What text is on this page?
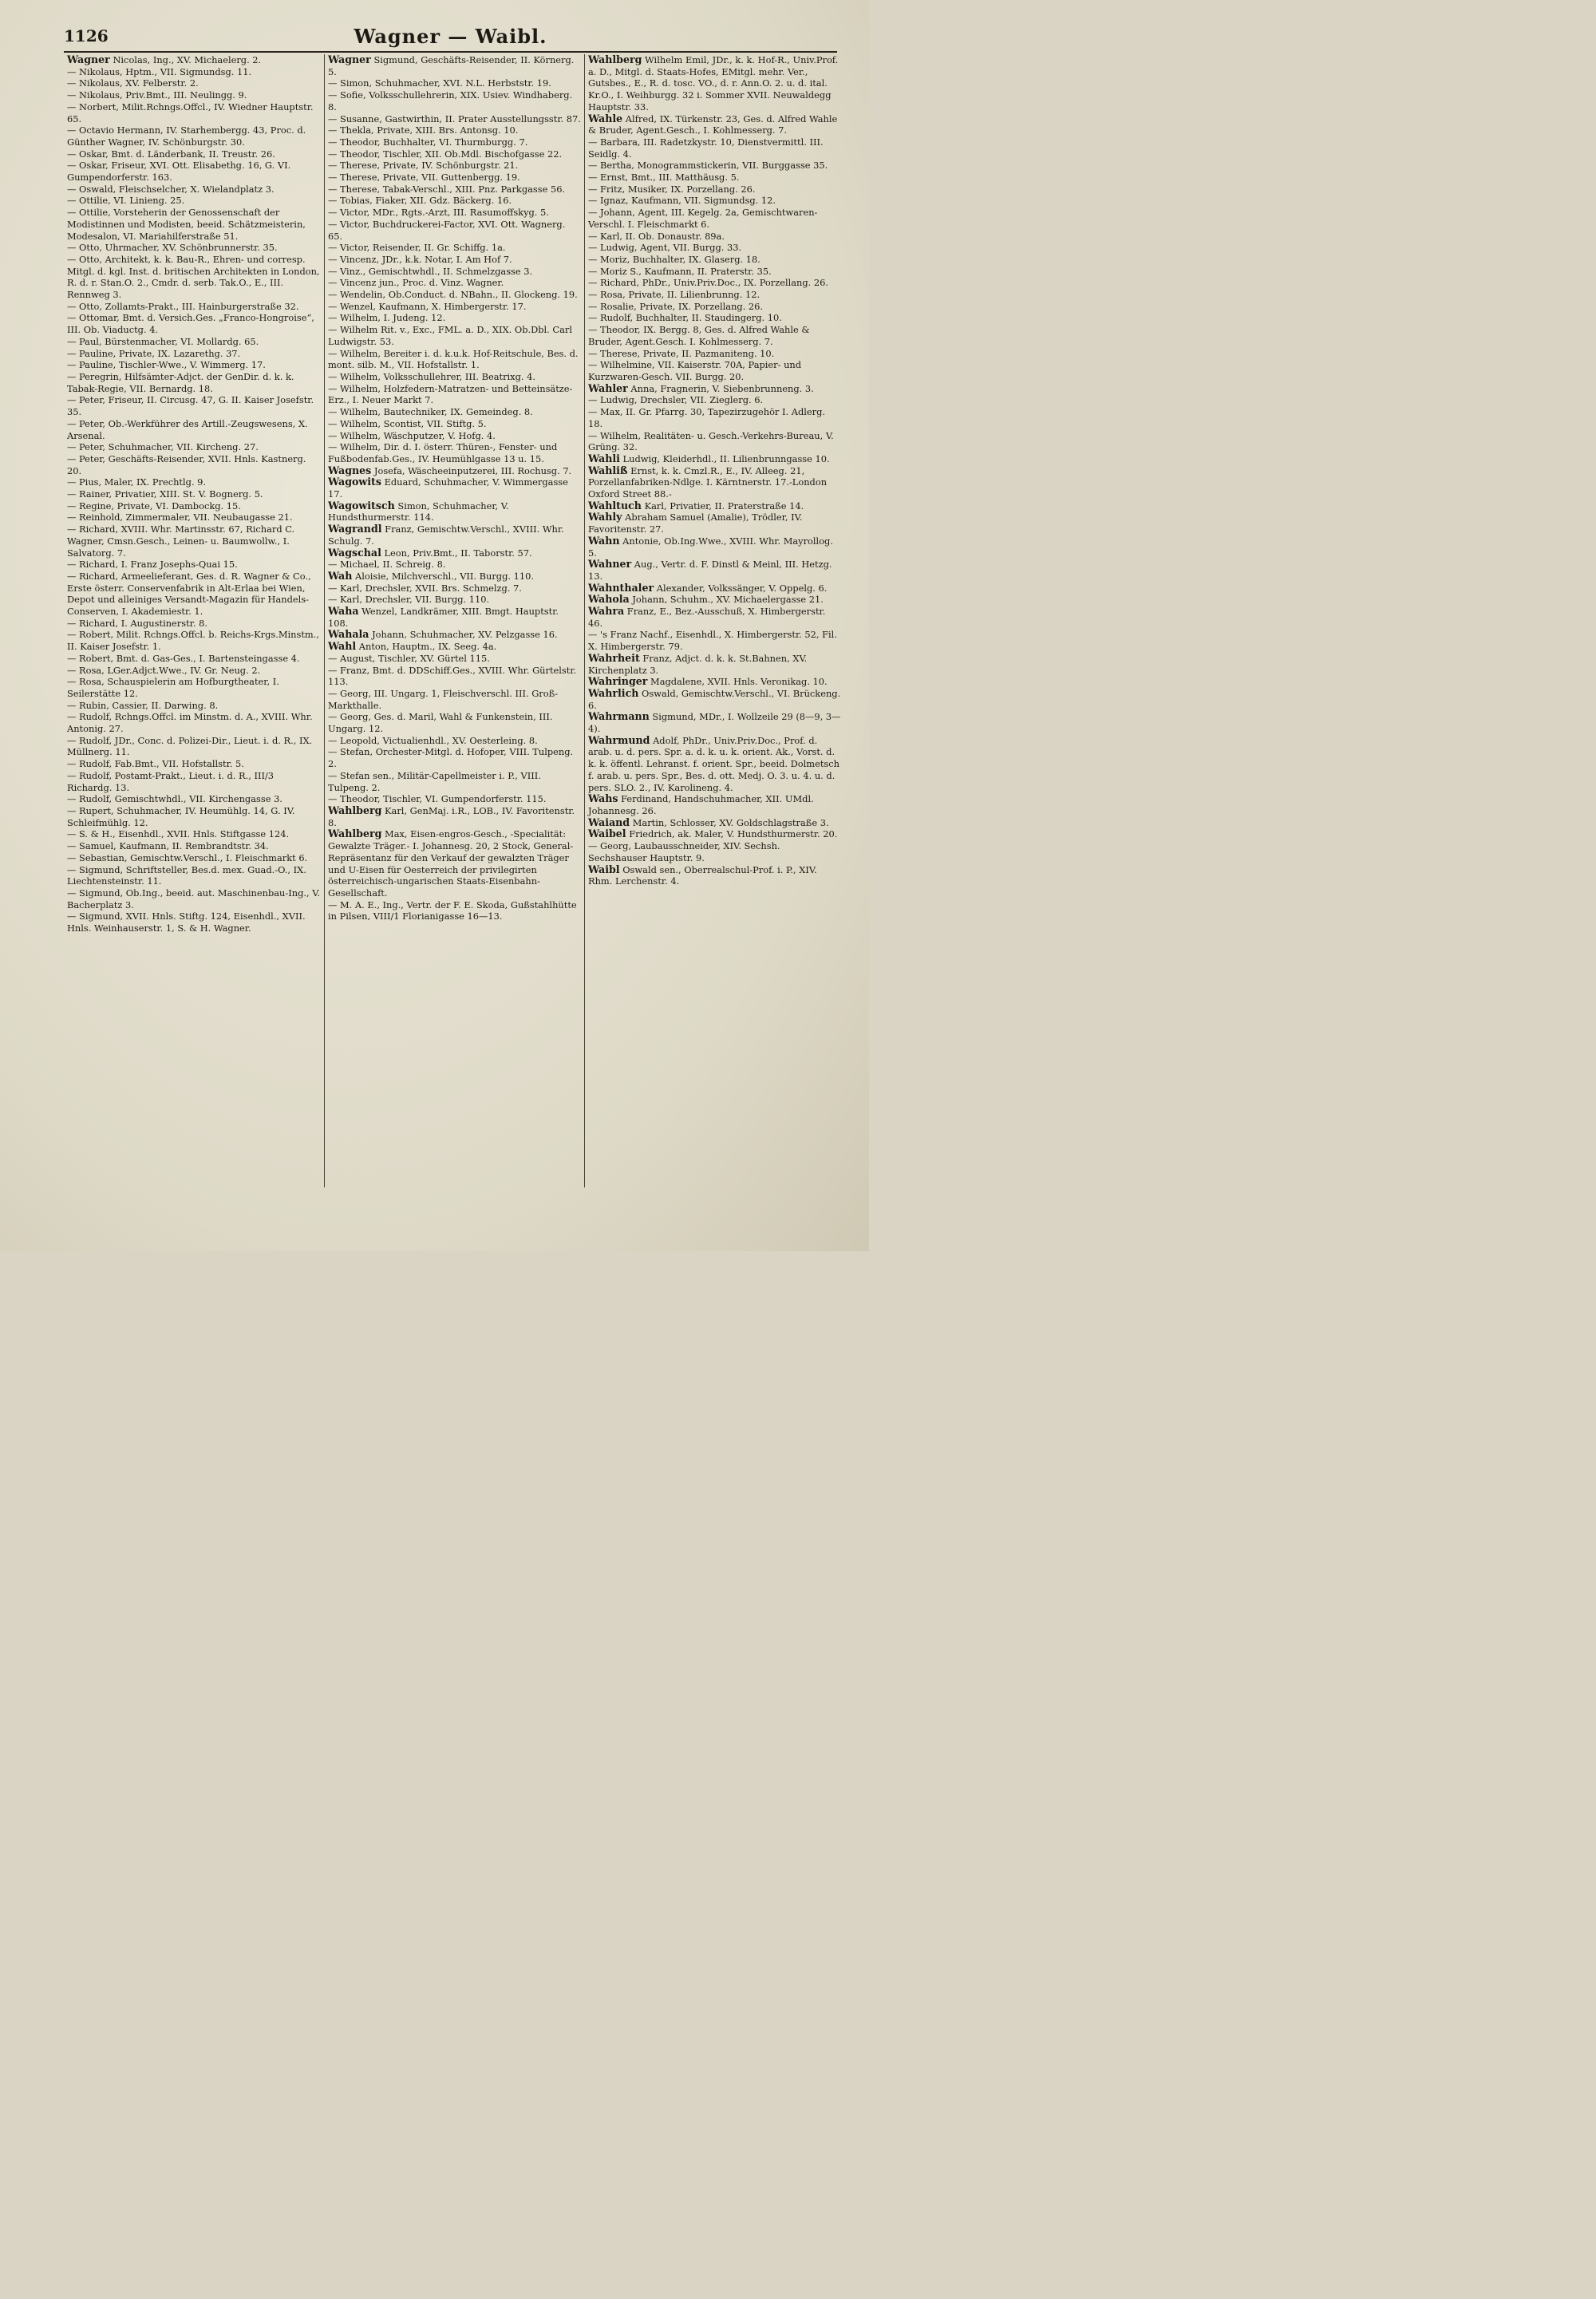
1126	Wagner — Waibl.
Wagner Nicolas, Ing., XV. Michaelerg. 2.
— Nikolaus, Hptm., VII. Sigmundsg. 11.
— Nikolaus, XV. Felberstr. 2.
— Nikolaus, Priv.Bmt., III. Neulingg. 9.
— Norbert, Milit.Rchngs.Offcl., IV. Wiedner Hauptstr. 65.
— Octavio Hermann, IV. Starhembergg. 43, Proc. d. Günther Wagner, IV. Schönburgstr. 30.
— Oskar, Bmt. d. Länderbank, II. Treustr. 26.
— Oskar, Friseur, XVI. Ott. Elisabethg. 16, G. VI. Gumpendorferstr. 163.
— Oswald, Fleischselcher, X. Wielandplatz 3.
— Ottilie, VI. Linieng. 25.
— Ottilie, Vorsteherin der Genossenschaft der Modistinnen und Modisten, beeid. Schätzmeisterin, Modesalon, VI. Mariahilferstraße 51.
— Otto, Uhrmacher, XV. Schönbrunnerstr. 35.
— Otto, Architekt, k. k. Bau-R., Ehren- und corresp. Mitgl. d. kgl. Inst. d. britischen Architekten in London, R. d. r. Stan.O. 2., Cmdr. d. serb. Tak.O., E., III. Rennweg 3.
— Otto, Zollamts-Prakt., III. Hainburgerstraße 32.
— Ottomar, Bmt. d. Versich.Ges. „Franco-Hongroise“, III. Ob. Viaductg. 4.
— Paul, Bürstenmacher, VI. Mollardg. 65.
— Pauline, Private, IX. Lazarethg. 37.
— Pauline, Tischler-Wwe., V. Wimmerg. 17.
— Peregrin, Hilfsämter-Adjct. der GenDir. d. k. k. Tabak-Regie, VII. Bernardg. 18.
— Peter, Friseur, II. Circusg. 47, G. II. Kaiser Josefstr. 35.
— Peter, Ob.-Werkführer des Artill.-Zeugswesens, X. Arsenal.
— Peter, Schuhmacher, VII. Kircheng. 27.
— Peter, Geschäfts-Reisender, XVII. Hnls. Kastnerg. 20.
— Pius, Maler, IX. Prechtlg. 9.
— Rainer, Privatier, XIII. St. V. Bognerg. 5.
— Regine, Private, VI. Dambockg. 15.
— Reinhold, Zimmermaler, VII. Neubaugasse 21.
— Richard, XVIII. Whr. Martinsstr. 67, Richard C. Wagner, Cmsn.Gesch., Leinen- u. Baumwollw., I. Salvatorg. 7.
— Richard, I. Franz Josephs-Quai 15.
— Richard, Armeelieferant, Ges. d. R. Wagner & Co., Erste österr. Conservenfabrik in Alt-Erlaa bei Wien, Depot und alleiniges Versandt-Magazin für Handels-Conserven, I. Akademiestr. 1.
— Richard, I. Augustinerstr. 8.
— Robert, Milit. Rchngs.Offcl. b. Reichs-Krgs.Minstm., II. Kaiser Josefstr. 1.
— Robert, Bmt. d. Gas-Ges., I. Bartensteingasse 4.
— Rosa, LGer.Adjct.Wwe., IV. Gr. Neug. 2.
— Rosa, Schauspielerin am Hofburgtheater, I. Seilerstätte 12.
— Rubin, Cassier, II. Darwing. 8.
— Rudolf, Rchngs.Offcl. im Minstm. d. A., XVIII. Whr. Antonig. 27.
— Rudolf, JDr., Conc. d. Polizei-Dir., Lieut. i. d. R., IX. Müllnerg. 11.
— Rudolf, Fab.Bmt., VII. Hofstallstr. 5.
— Rudolf, Postamt-Prakt., Lieut. i. d. R., III/3 Richardg. 13.
— Rudolf, Gemischtwhdl., VII. Kirchengasse 3.
— Rupert, Schuhmacher, IV. Heumühlg. 14, G. IV. Schleifmühlg. 12.
— S. & H., Eisenhdl., XVII. Hnls. Stiftgasse 124.
— Samuel, Kaufmann, II. Rembrandtstr. 34.
— Sebastian, Gemischtw.Verschl., I. Fleischmarkt 6.
— Sigmund, Schriftsteller, Bes.d. mex. Guad.-O., IX. Liechtensteinstr. 11.
— Sigmund, Ob.Ing., beeid. aut. Maschinenbau-Ing., V. Bacherplatz 3.
— Sigmund, XVII. Hnls. Stiftg. 124, Eisenhdl., XVII. Hnls. Weinhauserstr. 1, S. & H. Wagner.
Wagner Sigmund, Geschäfts-Reisender, II. Körnerg. 5.
— Simon, Schuhmacher, XVI. N.L. Herbststr. 19.
— Sofie, Volksschullehrerin, XIX. Usiev. Windhaberg. 8.
— Susanne, Gastwirthin, II. Prater Ausstellungsstr. 87.
— Thekla, Private, XIII. Brs. Antonsg. 10.
— Theodor, Buchhalter, VI. Thurmburgg. 7.
— Theodor, Tischler, XII. Ob.Mdl. Bischofgasse 22.
— Therese, Private, IV. Schönburgstr. 21.
— Therese, Private, VII. Guttenbergg. 19.
— Therese, Tabak-Verschl., XIII. Pnz. Parkgasse 56.
— Tobias, Fiaker, XII. Gdz. Bäckerg. 16.
— Victor, MDr., Rgts.-Arzt, III. Rasumoffskyg. 5.
— Victor, Buchdruckerei-Factor, XVI. Ott. Wagnerg. 65.
— Victor, Reisender, II. Gr. Schiffg. 1a.
— Vincenz, JDr., k.k. Notar, I. Am Hof 7.
— Vinz., Gemischtwhdl., II. Schmelzgasse 3.
— Vincenz jun., Proc. d. Vinz. Wagner.
— Wendelin, Ob.Conduct. d. NBahn., II. Glockeng. 19.
— Wenzel, Kaufmann, X. Himbergerstr. 17.
— Wilhelm, I. Judeng. 12.
— Wilhelm Rit. v., Exc., FML. a. D., XIX. Ob.Dbl. Carl Ludwigstr. 53.
— Wilhelm, Bereiter i. d. k.u.k. Hof-Reitschule, Bes. d. mont. silb. M., VII. Hofstallstr. 1.
— Wilhelm, Volksschullehrer, III. Beatrixg. 4.
— Wilhelm, Holzfedern-Matratzen- und Betteinsätze-Erz., I. Neuer Markt 7.
— Wilhelm, Bautechniker, IX. Gemeindeg. 8.
— Wilhelm, Scontist, VII. Stiftg. 5.
— Wilhelm, Wäschputzer, V. Hofg. 4.
— Wilhelm, Dir. d. I. österr. Thüren-, Fenster- und Fußbodenfab.Ges., IV. Heumühlgasse 13 u. 15.
Wagnes Josefa, Wäscheeinputzerei, III. Rochusg. 7.
Wagowits Eduard, Schuhmacher, V. Wimmergasse 17.
Wagowitsch Simon, Schuhmacher, V. Hundsthurmerstr. 114.
Wagrandl Franz, Gemischtw.Verschl., XVIII. Whr. Schulg. 7.
Wagschal Leon, Priv.Bmt., II. Taborstr. 57.
— Michael, II. Schreig. 8.
Wah Aloisie, Milchverschl., VII. Burgg. 110.
— Karl, Drechsler, XVII. Brs. Schmelzg. 7.
— Karl, Drechsler, VII. Burgg. 110.
Waha Wenzel, Landkrämer, XIII. Bmgt. Hauptstr. 108.
Wahala Johann, Schuhmacher, XV. Pelzgasse 16.
Wahl Anton, Hauptm., IX. Seeg. 4a.
— August, Tischler, XV. Gürtel 115.
— Franz, Bmt. d. DDSchiff.Ges., XVIII. Whr. Gürtelstr. 113.
— Georg, III. Ungarg. 1, Fleischverschl. III. Groß-Markthalle.
— Georg, Ges. d. Maril, Wahl & Funkenstein, III. Ungarg. 12.
— Leopold, Victualienhdl., XV. Oesterleing. 8.
— Stefan, Orchester-Mitgl. d. Hofoper, VIII. Tulpeng. 2.
— Stefan sen., Militär-Capellmeister i. P., VIII. Tulpeng. 2.
— Theodor, Tischler, VI. Gumpendorferstr. 115.
Wahlberg Karl, GenMaj. i.R., LOB., IV. Favoritenstr. 8.
Wahlberg Max, Eisen-engros-Gesch., -Specialität: Gewalzte Träger.- I. Johannesg. 20, 2 Stock, General-Repräsentanz für den Verkauf der gewalzten Träger und U-Eisen für Oesterreich der privilegirten österreichisch-ungarischen Staats-Eisenbahn-Gesellschaft.
— M. A. E., Ing., Vertr. der F. E. Skoda, Gußstahlhütte in Pilsen, VIII/1 Florianigasse 16—13.
Wahlberg Wilhelm Emil, JDr., k. k. Hof-R., Univ.Prof. a. D., Mitgl. d. Staats-Hofes, EMitgl. mehr. Ver., Gutsbes., E., R. d. tosc. VO., d. r. Ann.O. 2. u. d. ital. Kr.O., I. Weihburgg. 32 i. Sommer XVII. Neuwaldegg Hauptstr. 33.
Wahle Alfred, IX. Türkenstr. 23, Ges. d. Alfred Wahle & Bruder, Agent.Gesch., I. Kohlmesserg. 7.
— Barbara, III. Radetzkystr. 10, Dienstvermittl. III. Seidlg. 4.
— Bertha, Monogrammstickerin, VII. Burggasse 35.
— Ernst, Bmt., III. Matthäusg. 5.
— Fritz, Musiker, IX. Porzellang. 26.
— Ignaz, Kaufmann, VII. Sigmundsg. 12.
— Johann, Agent, III. Kegelg. 2a, Gemischtwaren-Verschl. I. Fleischmarkt 6.
— Karl, II. Ob. Donaustr. 89a.
— Ludwig, Agent, VII. Burgg. 33.
— Moriz, Buchhalter, IX. Glaserg. 18.
— Moriz S., Kaufmann, II. Praterstr. 35.
— Richard, PhDr., Univ.Priv.Doc., IX. Porzellang. 26.
— Rosa, Private, II. Lilienbrunng. 12.
— Rosalie, Private, IX. Porzellang. 26.
— Rudolf, Buchhalter, II. Staudingerg. 10.
— Theodor, IX. Bergg. 8, Ges. d. Alfred Wahle & Bruder, Agent.Gesch. I. Kohlmesserg. 7.
— Therese, Private, II. Pazmaniteng. 10.
— Wilhelmine, VII. Kaiserstr. 70A, Papier- und Kurzwaren-Gesch. VII. Burgg. 20.
Wahler Anna, Fragnerin, V. Siebenbrunneng. 3.
— Ludwig, Drechsler, VII. Zieglerg. 6.
— Max, II. Gr. Pfarrg. 30, Tapezirzugehör I. Adlerg. 18.
— Wilhelm, Realitäten- u. Gesch.-Verkehrs-Bureau, V. Grüng. 32.
Wahli Ludwig, Kleiderhdl., II. Lilienbrunngasse 10.
Wahliß Ernst, k. k. Cmzl.R., E., IV. Alleeg. 21, Porzellanfabriken-Ndlge. I. Kärntnerstr. 17.-London Oxford Street 88.-
Wahltuch Karl, Privatier, II. Praterstraße 14.
Wahly Abraham Samuel (Amalie), Trödler, IV. Favoritenstr. 27.
Wahn Antonie, Ob.Ing.Wwe., XVIII. Whr. Mayrollog. 5.
Wahner Aug., Vertr. d. F. Dinstl & Meinl, III. Hetzg. 13.
Wahnthaler Alexander, Volkssänger, V. Oppelg. 6.
Wahola Johann, Schuhm., XV. Michaelergasse 21.
Wahra Franz, E., Bez.-Ausschuß, X. Himbergerstr. 46.
— 's Franz Nachf., Eisenhdl., X. Himbergerstr. 52, Fil. X. Himbergerstr. 79.
Wahrheit Franz, Adjct. d. k. k. St.Bahnen, XV. Kirchenplatz 3.
Wahringer Magdalene, XVII. Hnls. Veronikag. 10.
Wahrlich Oswald, Gemischtw.Verschl., VI. Brückeng. 6.
Wahrmann Sigmund, MDr., I. Wollzeile 29 (8—9, 3—4).
Wahrmund Adolf, PhDr., Univ.Priv.Doc., Prof. d. arab. u. d. pers. Spr. a. d. k. u. k. orient. Ak., Vorst. d. k. k. öffentl. Lehranst. f. orient. Spr., beeid. Dolmetsch f. arab. u. pers. Spr., Bes. d. ott. Medj. O. 3. u. 4. u. d. pers. SLO. 2., IV. Karolineng. 4.
Wahs Ferdinand, Handschuhmacher, XII. UMdl. Johannesg. 26.
Waiand Martin, Schlosser, XV. Goldschlagstraße 3.
Waibel Friedrich, ak. Maler, V. Hundsthurmerstr. 20.
— Georg, Laubausschneider, XIV. Sechsh. Sechshauser Hauptstr. 9.
Waibl Oswald sen., Oberrealschul-Prof. i. P., XIV. Rhm. Lerchenstr. 4.
